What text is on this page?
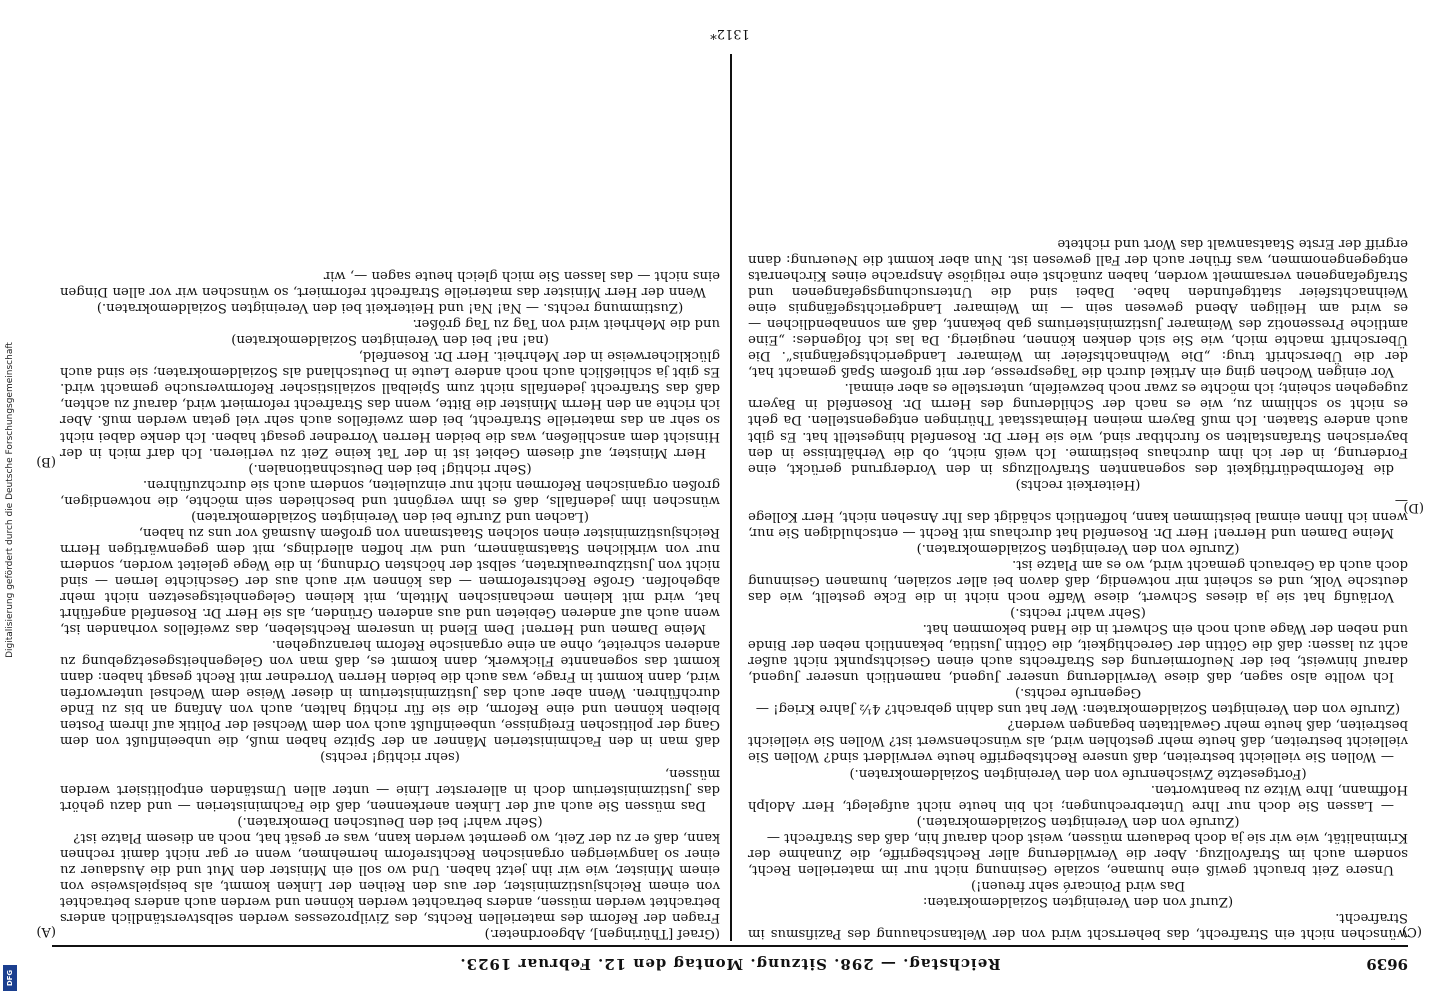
Digitalisierung gefördert durch die Deutsche Forschungsgemeinschaft
DFG
9639
Reichstag. — 298. Sitzung. Montag den 12. Februar 1923.
(C)
(D)
(A)
(B)

wünschen nicht ein Strafrecht, das beherrscht wird von der Weltanschauung des Pazifismus im Strafrecht.

(Zuruf von den Vereinigten Sozialdemokraten:

Das wird Poincaré sehr freuen!)

Unsere Zeit braucht gewiß eine humane, soziale Gesinnung nicht nur im materiellen Recht, sondern auch im Strafvollzug. Aber die Verwilderung aller Rechtsbegriffe, die Zunahme der Kriminalität, wie wir sie ja doch bedauern müssen, weist doch darauf hin, daß das Strafrecht —

(Zurufe von den Vereinigten Sozialdemokraten.)

— Lassen Sie doch nur Ihre Unterbrechungen; ich bin heute nicht aufgelegt, Herr Adolph Hoffmann, Ihre Witze zu beantworten.

(Fortgesetzte Zwischenrufe von den Vereinigten Sozialdemokraten.)

— Wollen Sie vielleicht bestreiten, daß unsere Rechtsbegriffe heute verwildert sind? Wollen Sie vielleicht bestreiten, daß heute mehr gestohlen wird, als wünschenswert ist? Wollen Sie vielleicht bestreiten, daß heute mehr Gewalttaten begangen werden?

(Zurufe von den Vereinigten Sozialdemokraten: Wer hat uns dahin gebracht? 4½ Jahre Krieg! — Gegenrufe rechts.)

Ich wollte also sagen, daß diese Verwilderung unserer Jugend, namentlich unserer Jugend, darauf hinweist, bei der Neuformierung des Strafrechts auch einen Gesichtspunkt nicht außer acht zu lassen: daß die Göttin der Gerechtigkeit, die Göttin Justitia, bekanntlich neben der Binde und neben der Wage auch noch ein Schwert in die Hand bekommen hat.

(Sehr wahr! rechts.)

Vorläufig hat sie ja dieses Schwert, diese Waffe noch nicht in die Ecke gestellt, wie das deutsche Volk, und es scheint mir notwendig, daß davon bei aller sozialen, humanen Gesinnung doch auch da Gebrauch gemacht wird, wo es am Platze ist.

(Zurufe von den Vereinigten Sozialdemokraten.)

Meine Damen und Herren! Herr Dr. Rosenfeld hat durchaus mit Recht — entschuldigen Sie nur, wenn ich Ihnen einmal beistimmen kann, hoffentlich schädigt das Ihr Ansehen nicht, Herr Kollege —

(Heiterkeit rechts)

die Reformbedürftigkeit des sogenannten Strafvollzugs in den Vordergrund gerückt, eine Forderung, in der ich ihm durchaus beistimme. Ich weiß nicht, ob die Verhältnisse in den bayerischen Strafanstalten so furchtbar sind, wie sie Herr Dr. Rosenfeld hingestellt hat. Es gibt auch andere Staaten. Ich muß Bayern meinen Heimatsstaat Thüringen entgegenstellen. Da geht es nicht so schlimm zu, wie es nach der Schilderung des Herrn Dr. Rosenfeld in Bayern zugegehen scheint; ich möchte es zwar noch bezweifeln, unterstelle es aber einmal.

Vor einigen Wochen ging ein Artikel durch die Tagespresse, der mit großem Spaß gemacht hat, der die Überschrift trug: „Die Weihnachtsfeier im Weimarer Landgerichtsgefängnis“. Die Überschrift machte mich, wie Sie sich denken können, neugierig. Da las ich folgendes: „Eine amtliche Pressenotiz des Weimarer Justizministeriums gab bekannt, daß am sonnabendlichen — es wird am Heiligen Abend gewesen sein — im Weimarer Landgerichtsgefängnis eine Weihnachtsfeier stattgefunden habe. Dabei sind die Untersuchungsgefangenen und Strafgefangenen versammelt worden, haben zunächst eine religiöse Ansprache eines Kirchenrats entgegengenommen, was früher auch der Fall gewesen ist. Nun aber kommt die Neuerung: dann ergriff der Erste Staatsanwalt das Wort und richtete

(Graef [Thüringen], Abgeordneter.)

Fragen der Reform des materiellen Rechts, des Zivilprozesses werden selbstverständlich anders betrachtet werden müssen, anders betrachtet werden können und werden auch anders betrachtet von einem Reichsjustizminister, der aus den Reihen der Linken kommt, als beispielsweise von einem Minister, wie wir ihn jetzt haben. Und wo soll ein Minister den Mut und die Ausdauer zu einer so langwierigen organischen Rechtsreform hernehmen, wenn er gar nicht damit rechnen kann, daß er zu der Zeit, wo geerntet werden kann, was er gesät hat, noch an diesem Platze ist?

(Sehr wahr! bei den Deutschen Demokraten.)

Das müssen Sie auch auf der Linken anerkennen, daß die Fachministerien — und dazu gehört das Justizministerium doch in allererster Linie — unter allen Umständen entpolitisiert werden müssen,

(sehr richtig! rechts)

daß man in den Fachministerien Männer an der Spitze haben muß, die unbeeinflußt von dem Gang der politischen Ereignisse, unbeeinflußt auch von dem Wechsel der Politik auf ihrem Posten bleiben können und eine Reform, die sie für richtig halten, auch von Anfang an bis zu Ende durchführen. Wenn aber auch das Justizministerium in dieser Weise dem Wechsel unterworfen wird, dann kommt in Frage, was auch die beiden Herren Vorredner mit Recht gesagt haben: dann kommt das sogenannte Flickwerk, dann kommt es, daß man von Gelegenheitsgesetzgebung zu anderen schreitet, ohne an eine organische Reform heranzugehen.

Meine Damen und Herren! Dem Elend in unserem Rechtsleben, das zweifellos vorhanden ist, wenn auch auf anderen Gebieten und aus anderen Gründen, als sie Herr Dr. Rosenfeld angeführt hat, wird mit kleinen mechanischen Mitteln, mit kleinen Gelegenheitsgesetzen nicht mehr abgeholfen. Große Rechtsreformen — das können wir auch aus der Geschichte lernen — sind nicht von Justizbureaukraten, selbst der höchsten Ordnung, in die Wege geleitet worden, sondern nur von wirklichen Staatsmännern, und wir hoffen allerdings, mit dem gegenwärtigen Herrn Reichsjustizminister einen solchen Staatsmann von großem Ausmaß vor uns zu haben,

(Lachen und Zurufe bei den Vereinigten Sozialdemokraten)

wünschen ihm jedenfalls, daß es ihm vergönnt und beschieden sein möchte, die notwendigen, großen organischen Reformen nicht nur einzuleiten, sondern auch sie durchzuführen.

(Sehr richtig! bei den Deutschnationalen.)

Herr Minister, auf diesem Gebiet ist in der Tat keine Zeit zu verlieren. Ich darf mich in der Hinsicht dem anschließen, was die beiden Herren Vorredner gesagt haben. Ich denke dabei nicht so sehr an das materielle Strafrecht, bei dem zweifellos auch sehr viel getan werden muß. Aber ich richte an den Herrn Minister die Bitte, wenn das Strafrecht reformiert wird, darauf zu achten, daß das Strafrecht jedenfalls nicht zum Spielball sozialistischer Reformversuche gemacht wird. Es gibt ja schließlich auch noch andere Leute in Deutschland als Sozialdemokraten; sie sind auch glücklicherweise in der Mehrheit. Herr Dr. Rosenfeld,

(na! na! bei den Vereinigten Sozialdemokraten)

und die Mehrheit wird von Tag zu Tag größer.

(Zustimmung rechts. — Na! Na! und Heiterkeit bei den Vereinigten Sozialdemokraten.)

Wenn der Herr Minister das materielle Strafrecht reformiert, so wünschen wir vor allen Dingen eins nicht — das lassen Sie mich gleich heute sagen —, wir

1312*
